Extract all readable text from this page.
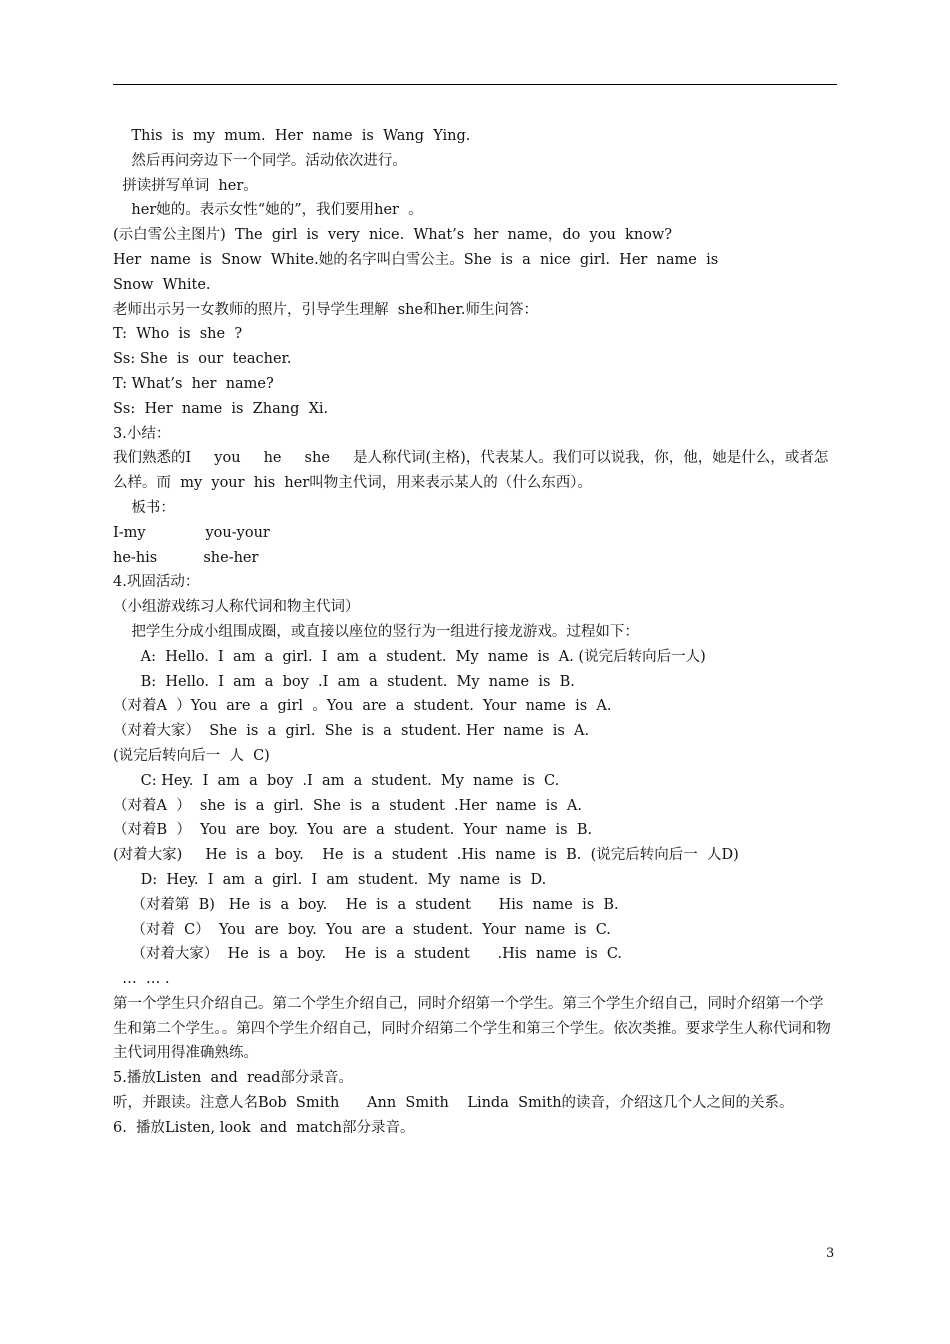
This  is  my  mum.  Her  name  is  Wang  Ying.
然后再问旁边下一个同学。活动依次进行。
拼读拼写单词  her。
her她的。表示女性“她的”，我们要用her  。
(示白雪公主图片)  The  girl  is  very  nice.  What’s  her  name，do  you  know?
Her  name  is  Snow  White.她的名字叫白雪公主。She  is  a  nice  girl.  Her  name  is
Snow  White.
老师出示另一女教师的照片，引导学生理解  she和her.师生问答：
T:  Who  is  she  ?
Ss: She  is  our  teacher.
T: What’s  her  name?
Ss:  Her  name  is  Zhang  Xi.
3.小结：
我们熟悉的I     you     he     she     是人称代词(主格)，代表某人。我们可以说我，你，他，她是什么，或者怎么样。而  my  your  his  her叫物主代词，用来表示某人的（什么东西）。
板书：
I-my             you-your
he-his          she-her
4.巩固活动：
（小组游戏练习人称代词和物主代词）
把学生分成小组围成圈，或直接以座位的竖行为一组进行接龙游戏。过程如下：
A:  Hello.  I  am  a  girl.  I  am  a  student.  My  name  is  A. (说完后转向后一人)
B:  Hello.  I  am  a  boy  .I  am  a  student.  My  name  is  B.
（对着A  ）You  are  a  girl  。You  are  a  student.  Your  name  is  A.
（对着大家）  She  is  a  girl.  She  is  a  student. Her  name  is  A.
(说完后转向后一  人  C)
C: Hey.  I  am  a  boy  .I  am  a  student.  My  name  is  C.
（对着A  ）  she  is  a  girl.  She  is  a  student  .Her  name  is  A.
（对着B  ）  You  are  boy.  You  are  a  student.  Your  name  is  B.
(对着大家)     He  is  a  boy.    He  is  a  student  .His  name  is  B.  (说完后转向后一  人D)
D:  Hey.  I  am  a  girl.  I  am  student.  My  name  is  D.
（对着第  B)   He  is  a  boy.    He  is  a  student      His  name  is  B.
（对着  C）  You  are  boy.  You  are  a  student.  Your  name  is  C.
（对着大家）  He  is  a  boy.    He  is  a  student      .His  name  is  C.
…  … .
第一个学生只介绍自己。第二个学生介绍自己，同时介绍第一个学生。第三个学生介绍自己，同时介绍第一个学生和第二个学生。。第四个学生介绍自己，同时介绍第二个学生和第三个学生。依次类推。要求学生人称代词和物主代词用得准确熟练。
5.播放Listen  and  read部分录音。
听，并跟读。注意人名Bob  Smith      Ann  Smith    Linda  Smith的读音，介绍这几个人之间的关系。
6.  播放Listen, look  and  match部分录音。
3
